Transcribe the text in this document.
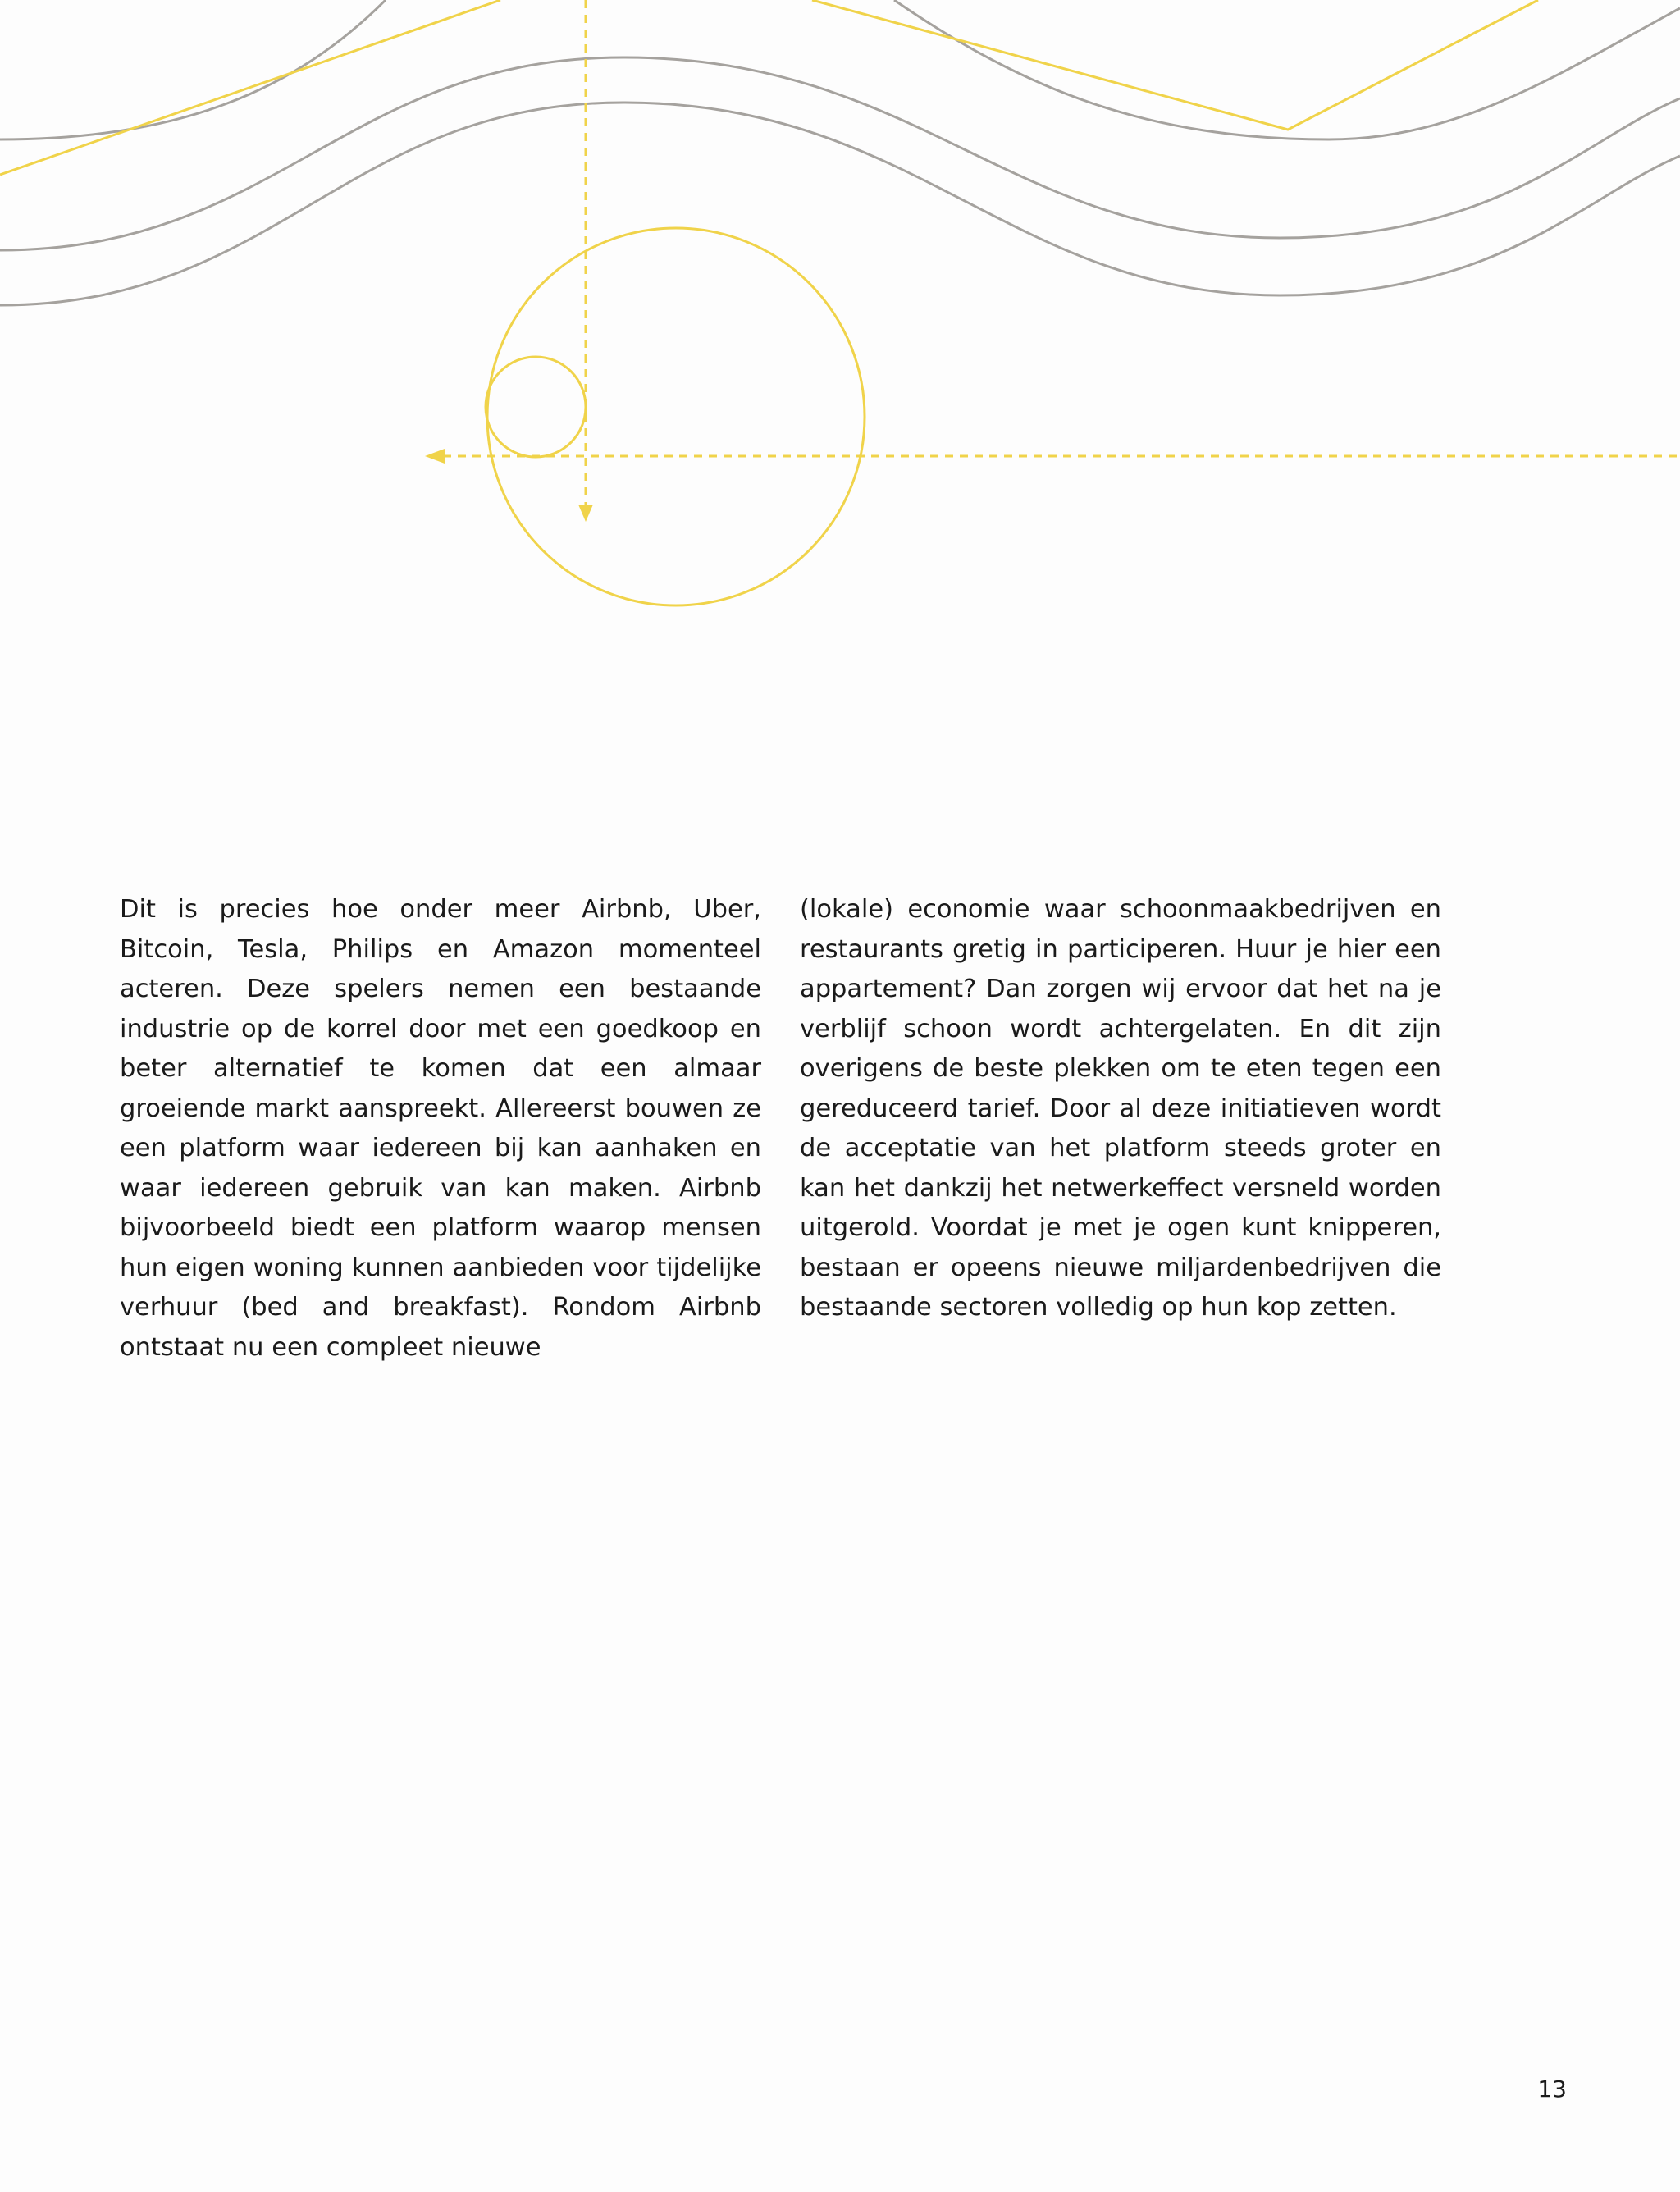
Dit is precies hoe onder meer Airbnb, Uber, Bitcoin, Tesla, Philips en Amazon momenteel acteren. Deze spelers nemen een bestaande industrie op de korrel door met een goedkoop en beter alternatief te komen dat een almaar groeiende markt aanspreekt. Allereerst bouwen ze een platform waar iedereen bij kan aanhaken en waar iedereen gebruik van kan maken. Airbnb bijvoorbeeld biedt een platform waarop mensen hun eigen woning kunnen aanbieden voor tijdelijke verhuur (bed and breakfast). Rondom Airbnb ontstaat nu een compleet nieuwe

(lokale) economie waar schoonmaakbedrijven en restaurants gretig in participeren. Huur je hier een appartement? Dan zorgen wij ervoor dat het na je verblijf schoon wordt achtergelaten. En dit zijn overigens de beste plekken om te eten tegen een gereduceerd tarief. Door al deze initiatieven wordt de acceptatie van het platform steeds groter en kan het dankzij het netwerkeffect versneld worden uitgerold. Voordat je met je ogen kunt knipperen, bestaan er opeens nieuwe miljardenbedrijven die bestaande sectoren volledig op hun kop zetten.

13
